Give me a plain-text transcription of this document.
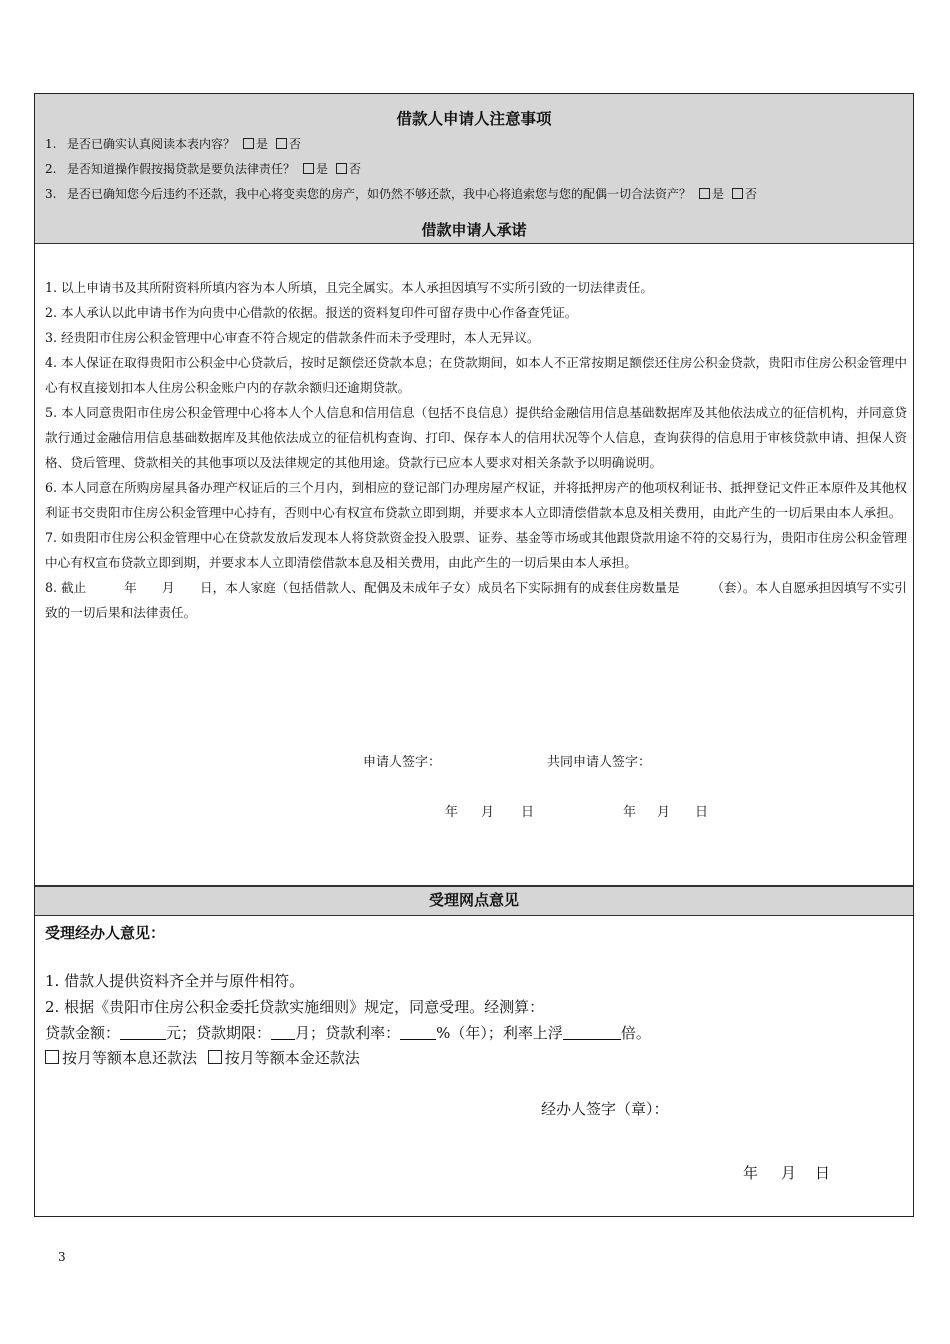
借款人申请人注意事项
1. 是否已确实认真阅读本表内容？ 是 否
2. 是否知道操作假按揭贷款是要负法律责任？ 是 否
3. 是否已确知您今后违约不还款，我中心将变卖您的房产，如仍然不够还款，我中心将追索您与您的配偶一切合法资产？ 是 否
借款申请人承诺

1. 以上申请书及其所附资料所填内容为本人所填，且完全属实。本人承担因填写不实所引致的一切法律责任。

2. 本人承认以此申请书作为向贵中心借款的依据。报送的资料复印件可留存贵中心作备查凭证。

3. 经贵阳市住房公积金管理中心审查不符合规定的借款条件而未予受理时，本人无异议。

4. 本人保证在取得贵阳市公积金中心贷款后，按时足额偿还贷款本息；在贷款期间，如本人不正常按期足额偿还住房公积金贷款，贵阳市住房公积金管理中心有权直接划扣本人住房公积金账户内的存款余额归还逾期贷款。

5. 本人同意贵阳市住房公积金管理中心将本人个人信息和信用信息（包括不良信息）提供给金融信用信息基础数据库及其他依法成立的征信机构，并同意贷款行通过金融信用信息基础数据库及其他依法成立的征信机构查询、打印、保存本人的信用状况等个人信息，查询获得的信息用于审核贷款申请、担保人资格、贷后管理、贷款相关的其他事项以及法律规定的其他用途。贷款行已应本人要求对相关条款予以明确说明。

6. 本人同意在所购房屋具备办理产权证后的三个月内，到相应的登记部门办理房屋产权证，并将抵押房产的他项权利证书、抵押登记文件正本原件及其他权利证书交贵阳市住房公积金管理中心持有，否则中心有权宣布贷款立即到期，并要求本人立即清偿借款本息及相关费用，由此产生的一切后果由本人承担。

7. 如贵阳市住房公积金管理中心在贷款发放后发现本人将贷款资金投入股票、证券、基金等市场或其他跟贷款用途不符的交易行为，贵阳市住房公积金管理中心有权宣布贷款立即到期，并要求本人立即清偿借款本息及相关费用，由此产生的一切后果由本人承担。

8. 截止　　　年　　月　　日，本人家庭（包括借款人、配偶及未成年子女）成员名下实际拥有的成套住房数量是　　　（套）。本人自愿承担因填写不实引致的一切后果和法律责任。

申请人签字：	共同申请人签字：
年 月 日	年 月 日
受理网点意见
受理经办人意见：
1. 借款人提供资料齐全并与原件相符。
2. 根据《贵阳市住房公积金委托贷款实施细则》规定，同意受理。经测算：
贷款金额：	元；贷款期限： 月；贷款利率： %（年）；利率上浮	倍。
按月等额本息还款法 按月等额本金还款法
经办人签字（章）：
年 月 日
3
